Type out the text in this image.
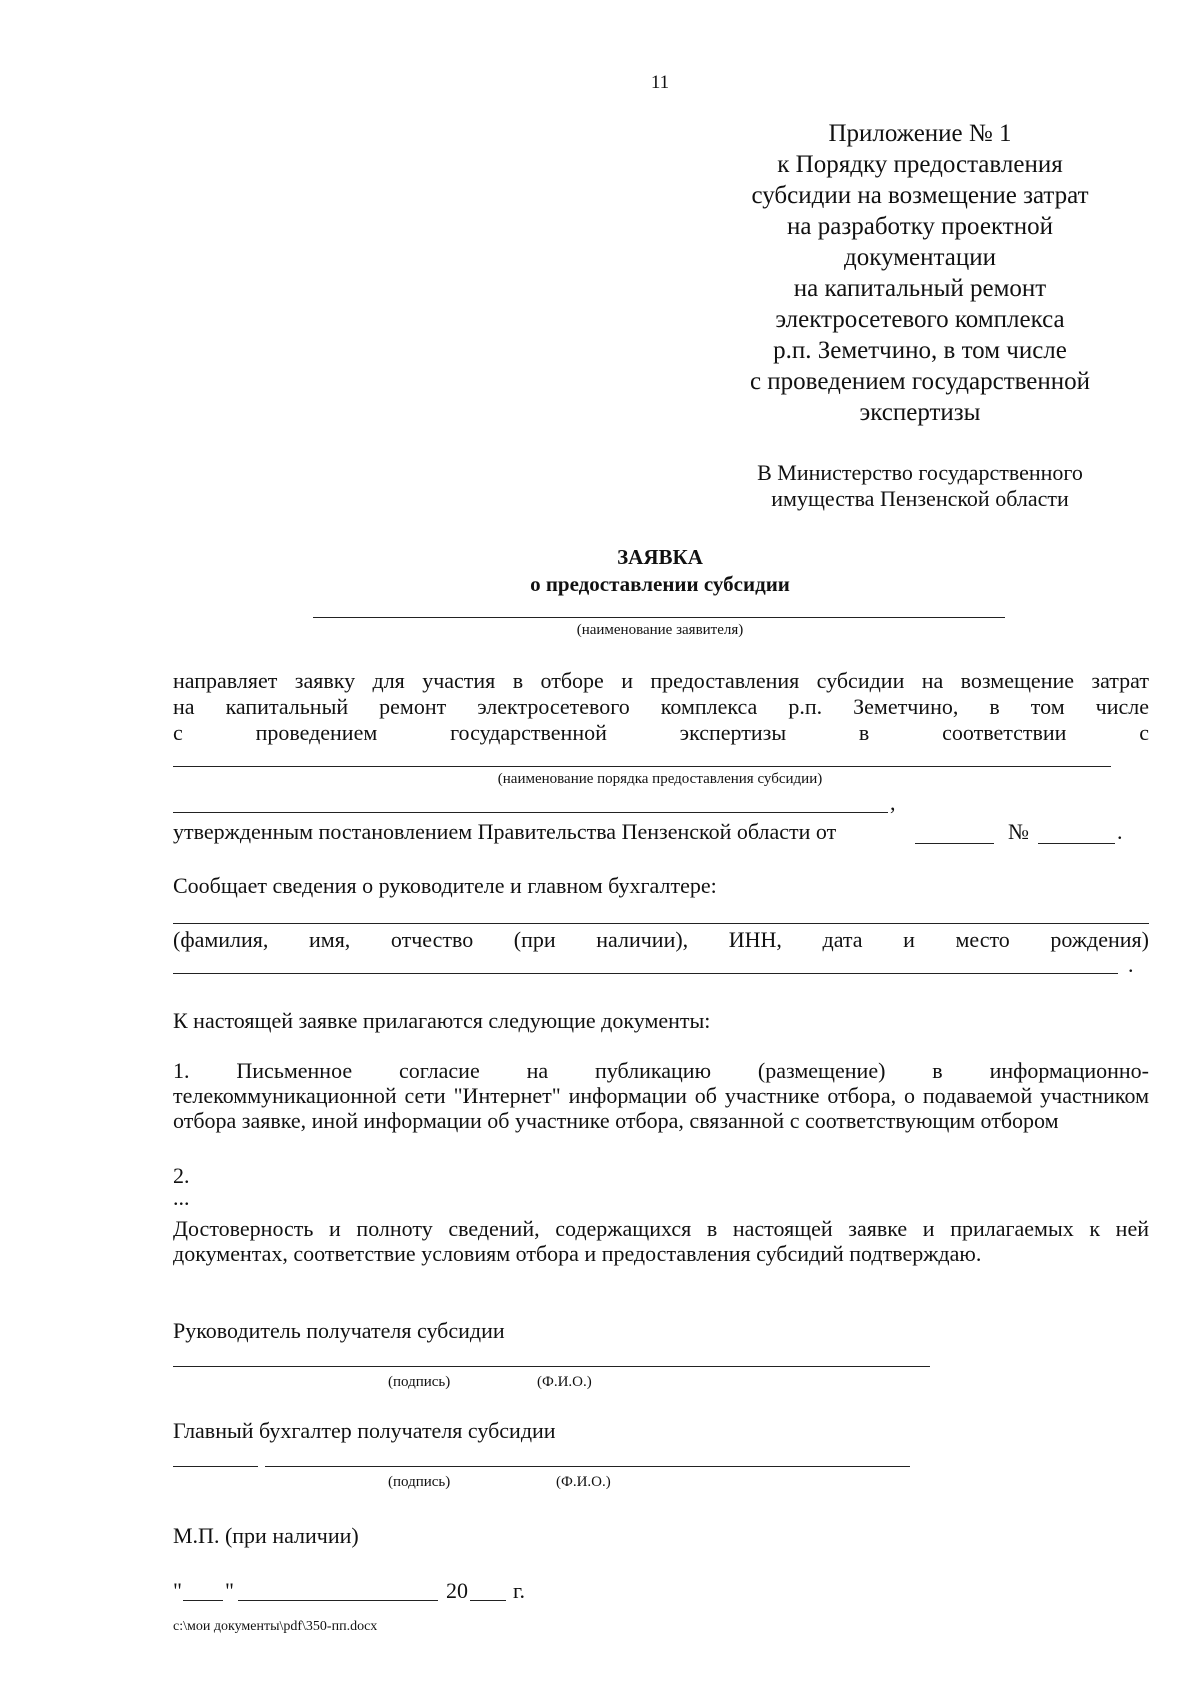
11
Приложение № 1
к Порядку предоставления
субсидии на возмещение затрат
на разработку проектной
документации
на капитальный ремонт
электросетевого комплекса
р.п. Земетчино, в том числе
с проведением государственной
экспертизы
В Министерство государственного
имущества Пензенской области
ЗАЯВКА
о предоставлении субсидии
(наименование заявителя)
направляет заявку для участия в отборе и предоставления субсидии на возмещение затрат
на капитальный ремонт электросетевого комплекса р.п. Земетчино, в том числе
с проведением государственной экспертизы в соответствии с
(наименование порядка предоставления субсидии)
,
утвержденным постановлением Правительства Пензенской области от	№	.
Сообщает сведения о руководителе и главном бухгалтере:
(фамилия, имя, отчество (при наличии), ИНН, дата и место рождения)
.
К настоящей заявке прилагаются следующие документы:
1. Письменное согласие на публикацию (размещение) в информационно-
телекоммуникационной сети "Интернет" информации об участнике отбора, о подаваемой участником отбора заявке, иной информации об участнике отбора, связанной с соответствующим отбором
2.
...
Достоверность и полноту сведений, содержащихся в настоящей заявке и прилагаемых к ней документах, соответствие условиям отбора и предоставления субсидий подтверждаю.
Руководитель получателя субсидии
(подпись)	(Ф.И.О.)
Главный бухгалтер получателя субсидии
(подпись)	(Ф.И.О.)
М.П. (при наличии)
" "	20 г.
c:\мои документы\pdf\350-пп.docx
